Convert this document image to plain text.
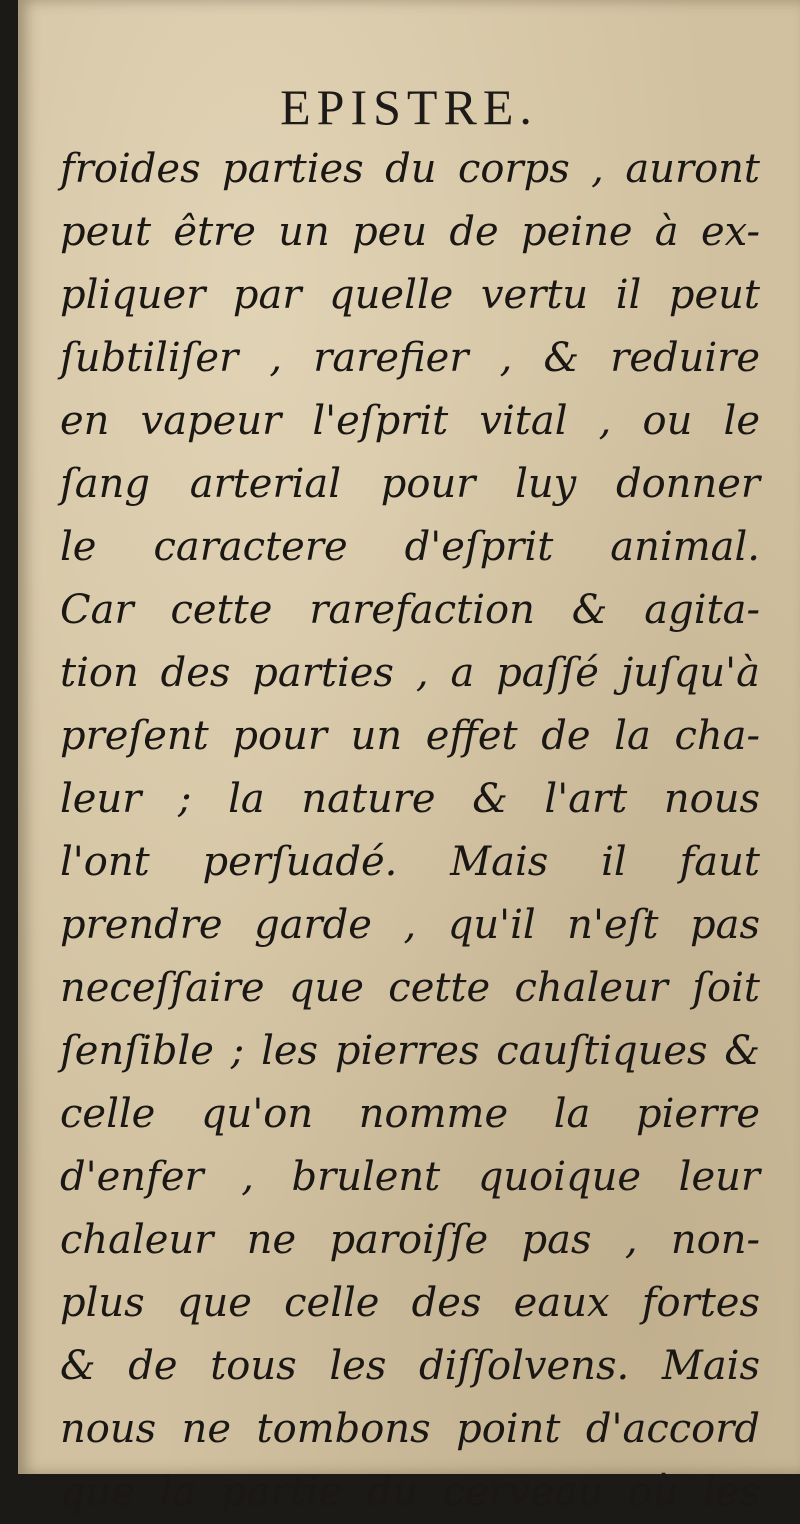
EPISTRE.
froides parties du corps , auront
peut être un peu de peine à ex-
pliquer par quelle vertu il peut
ſubtiliſer , rarefier , & reduire
en vapeur l'eſprit vital , ou le
ſang arterial pour luy donner
le caractere d'eſprit animal.
Car cette rarefaction & agita-
tion des parties , a paſſé juſqu'à
preſent pour un effet de la cha-
leur ; la nature & l'art nous
l'ont perſuadé. Mais il faut
prendre garde , qu'il n'eſt pas
neceſſaire que cette chaleur ſoit
ſenſible ; les pierres cauſtiques &
celle qu'on nomme la pierre
d'enfer , brulent quoique leur
chaleur ne paroiſſe pas , non-
plus que celle des eaux fortes
& de tous les diſſolvens. Mais
nous ne tombons point d'accord
que la partie du cerveau où les
